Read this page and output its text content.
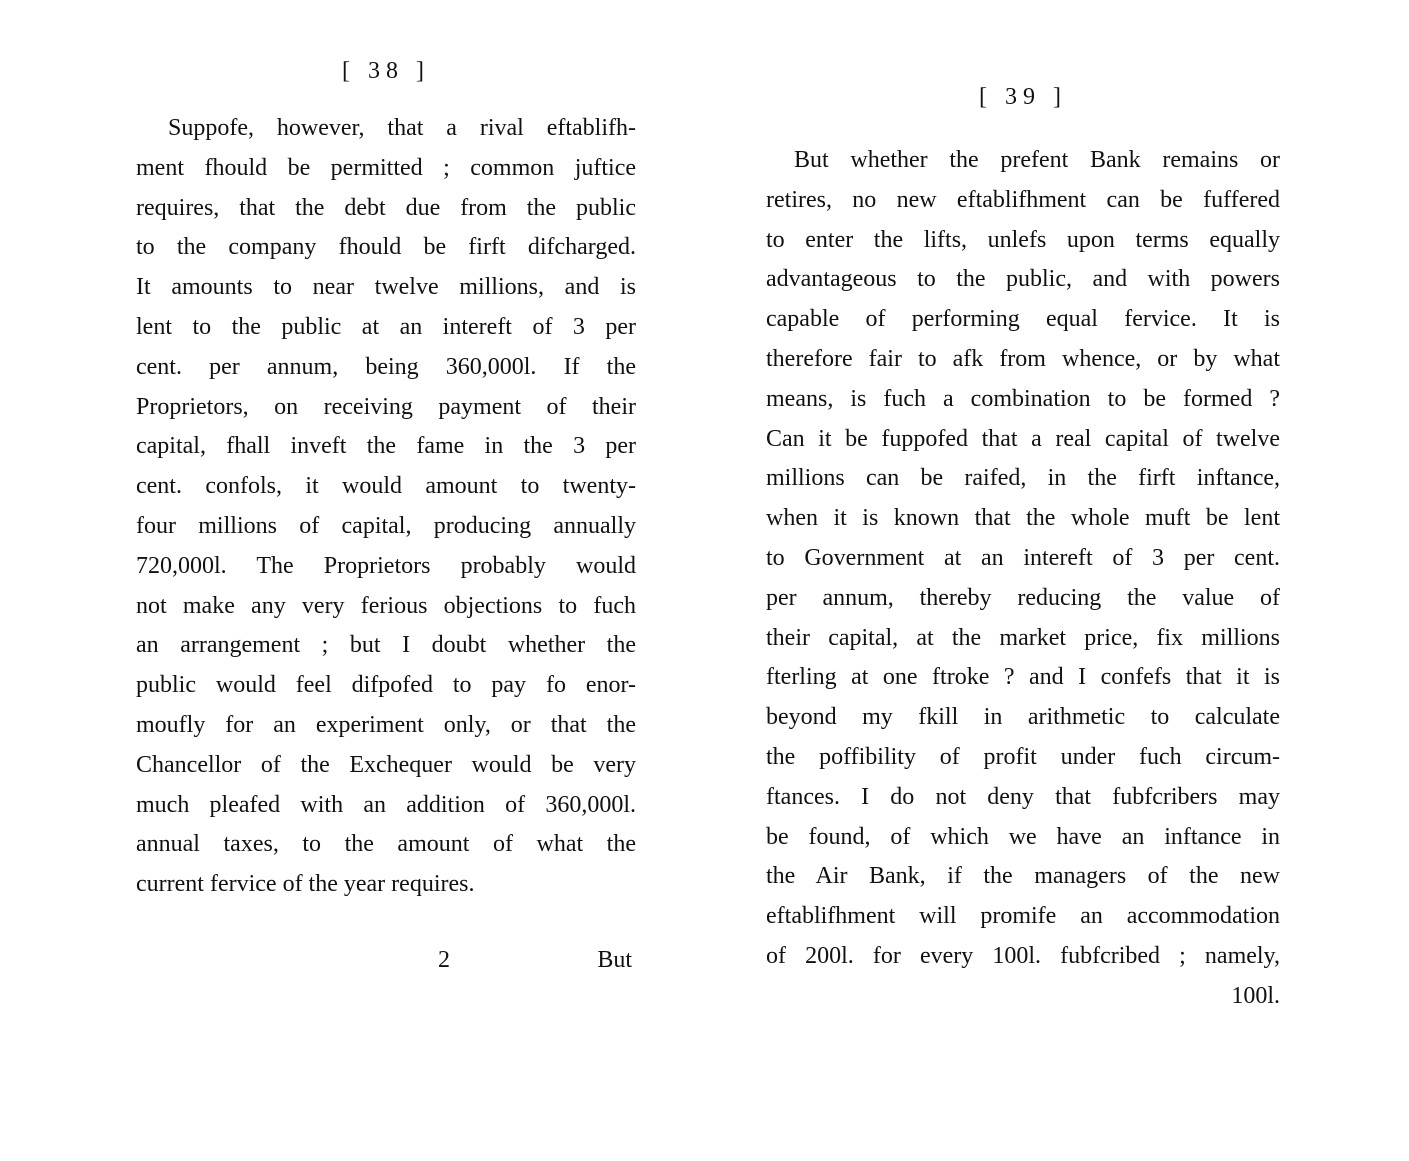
[ 38 ]
Suppofe, however, that a rival eftablifh-
ment fhould be permitted ; common juftice
requires, that the debt due from the public
to the company fhould be firft difcharged.
It amounts to near twelve millions, and is
lent to the public at an intereft of 3 per
cent. per annum, being 360,000l. If the
Proprietors, on receiving payment of their
capital, fhall inveft the fame in the 3 per
cent. confols, it would amount to twenty-
four millions of capital, producing annually
720,000l. The Proprietors probably would
not make any very ferious objections to fuch
an arrangement ; but I doubt whether the
public would feel difpofed to pay fo enor-
moufly for an experiment only, or that the
Chancellor of the Exchequer would be very
much pleafed with an addition of 360,000l.
annual taxes, to the amount of what the
current fervice of the year requires.
2	But
[ 39 ]
But whether the prefent Bank remains or
retires, no new eftablifhment can be fuffered
to enter the lifts, unlefs upon terms equally
advantageous to the public, and with powers
capable of performing equal fervice. It is
therefore fair to afk from whence, or by what
means, is fuch a combination to be formed ?
Can it be fuppofed that a real capital of twelve
millions can be raifed, in the firft inftance,
when it is known that the whole muft be lent
to Government at an intereft of 3 per cent.
per annum, thereby reducing the value of
their capital, at the market price, fix millions
fterling at one ftroke ? and I confefs that it is
beyond my fkill in arithmetic to calculate
the poffibility of profit under fuch circum-
ftances. I do not deny that fubfcribers may
be found, of which we have an inftance in
the Air Bank, if the managers of the new
eftablifhment will promife an accommodation
of 200l. for every 100l. fubfcribed ; namely,
100l.
